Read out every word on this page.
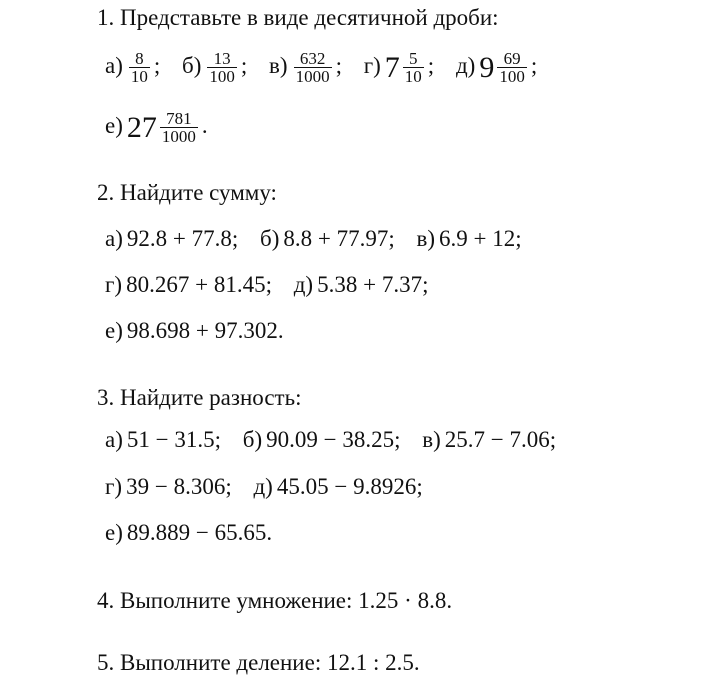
1. Представьте в виде десятичной дроби:
$а) \frac{8}{10}$ ; $б) \frac{13}{100}$ ; $в) \frac{632}{1000}$ ; г) $7 \frac{5}{10}$ ; д) $9 \frac{69}{100}$ ;
е) $27 \frac{781}{1000}$ .
2. Найдите сумму:
а) 92.8 + 77.8; б) 8.8 + 77.97; в) 6.9 + 12;
г) 80.267 + 81.45; д) 5.38 + 7.37;
е) 98.698 + 97.302.
3. Найдите разность:
а) 51 − 31.5; б) 90.09 − 38.25; в) 25.7 − 7.06;
г) 39 − 8.306; д) 45.05 − 9.8926;
е) 89.889 − 65.65.
4. Выполните умножение: 1.25 · 8.8.
5. Выполните деление: 12.1 : 2.5.
